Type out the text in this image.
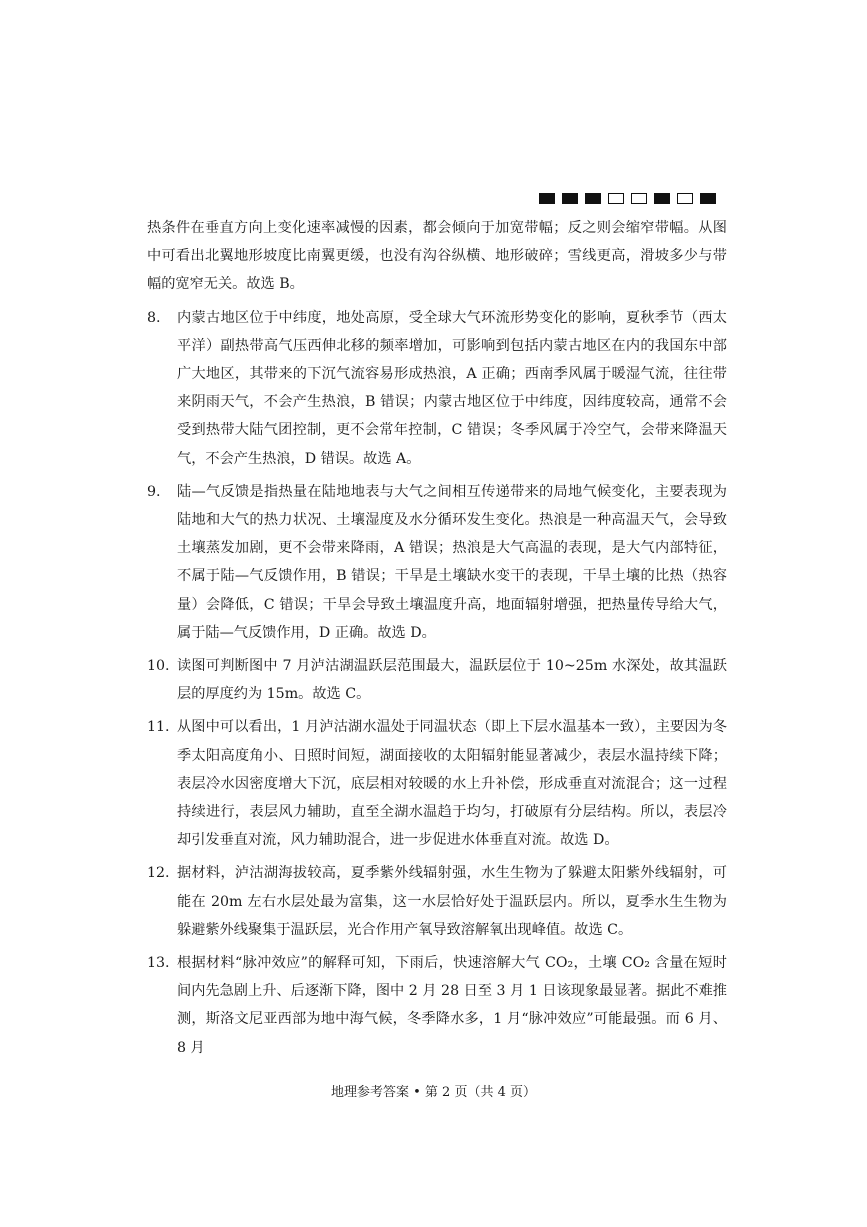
热条件在垂直方向上变化速率减慢的因素，都会倾向于加宽带幅；反之则会缩窄带幅。从图中可看出北翼地形坡度比南翼更缓，也没有沟谷纵横、地形破碎；雪线更高，滑坡多少与带幅的宽窄无关。故选 B。

8.	内蒙古地区位于中纬度，地处高原，受全球大气环流形势变化的影响，夏秋季节（西太平洋）副热带高气压西伸北移的频率增加，可影响到包括内蒙古地区在内的我国东中部广大地区，其带来的下沉气流容易形成热浪，A 正确；西南季风属于暖湿气流，往往带来阴雨天气，不会产生热浪，B 错误；内蒙古地区位于中纬度，因纬度较高，通常不会受到热带大陆气团控制，更不会常年控制，C 错误；冬季风属于冷空气，会带来降温天气，不会产生热浪，D 错误。故选 A。
9.	陆—气反馈是指热量在陆地地表与大气之间相互传递带来的局地气候变化，主要表现为陆地和大气的热力状况、土壤湿度及水分循环发生变化。热浪是一种高温天气，会导致土壤蒸发加剧，更不会带来降雨，A 错误；热浪是大气高温的表现，是大气内部特征，不属于陆—气反馈作用，B 错误；干旱是土壤缺水变干的表现，干旱土壤的比热（热容量）会降低，C 错误；干旱会导致土壤温度升高，地面辐射增强，把热量传导给大气，属于陆—气反馈作用，D 正确。故选 D。
10. 读图可判断图中 7 月泸沽湖温跃层范围最大，温跃层位于 10~25m 水深处，故其温跃层的厚度约为 15m。故选 C。
11. 从图中可以看出，1 月泸沽湖水温处于同温状态（即上下层水温基本一致），主要因为冬季太阳高度角小、日照时间短，湖面接收的太阳辐射能显著减少，表层水温持续下降；表层冷水因密度增大下沉，底层相对较暖的水上升补偿，形成垂直对流混合；这一过程持续进行，表层风力辅助，直至全湖水温趋于均匀，打破原有分层结构。所以，表层冷却引发垂直对流，风力辅助混合，进一步促进水体垂直对流。故选 D。
12. 据材料，泸沽湖海拔较高，夏季紫外线辐射强，水生生物为了躲避太阳紫外线辐射，可能在 20m 左右水层处最为富集，这一水层恰好处于温跃层内。所以，夏季水生生物为躲避紫外线聚集于温跃层，光合作用产氧导致溶解氧出现峰值。故选 C。
13. 根据材料“脉冲效应”的解释可知，下雨后，快速溶解大气 CO₂，土壤 CO₂ 含量在短时间内先急剧上升、后逐渐下降，图中 2 月 28 日至 3 月 1 日该现象最显著。据此不难推测，斯洛文尼亚西部为地中海气候，冬季降水多，1 月“脉冲效应”可能最强。而 6 月、8 月
地理参考答案 • 第 2 页（共 4 页）
